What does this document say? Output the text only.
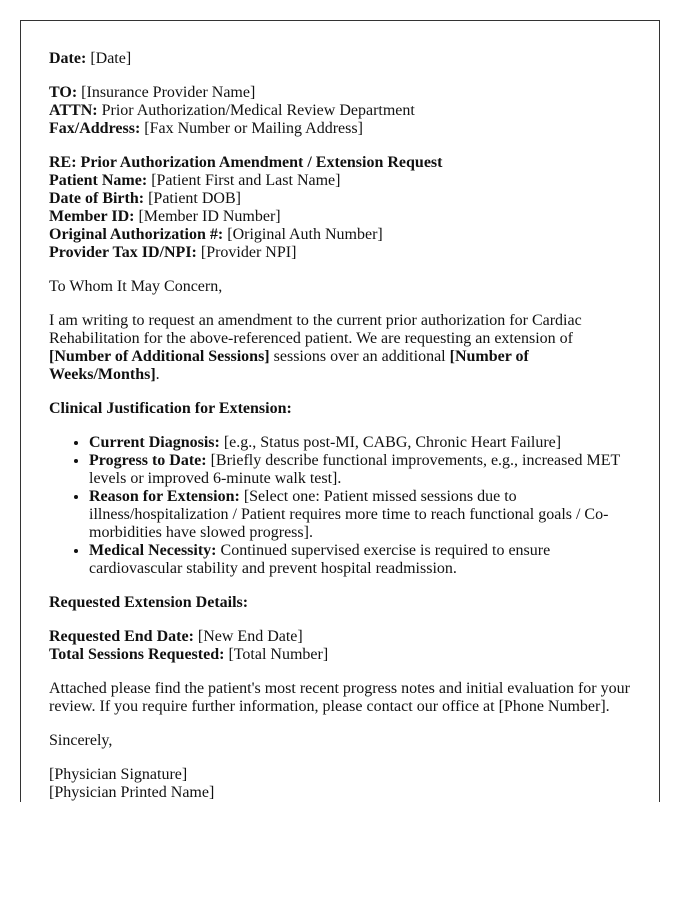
Date: [Date]

TO: [Insurance Provider Name]
ATTN: Prior Authorization/Medical Review Department
Fax/Address: [Fax Number or Mailing Address]

RE: Prior Authorization Amendment / Extension Request
Patient Name: [Patient First and Last Name]
Date of Birth: [Patient DOB]
Member ID: [Member ID Number]
Original Authorization #: [Original Auth Number]
Provider Tax ID/NPI: [Provider NPI]

To Whom It May Concern,

I am writing to request an amendment to the current prior authorization for Cardiac Rehabilitation for the above-referenced patient. We are requesting an extension of [Number of Additional Sessions] sessions over an additional [Number of Weeks/Months].

Clinical Justification for Extension:

• Current Diagnosis: [e.g., Status post-MI, CABG, Chronic Heart Failure]
• Progress to Date: [Briefly describe functional improvements, e.g., increased MET levels or improved 6-minute walk test].
• Reason for Extension: [Select one: Patient missed sessions due to illness/hospitalization / Patient requires more time to reach functional goals / Co-morbidities have slowed progress].
• Medical Necessity: Continued supervised exercise is required to ensure cardiovascular stability and prevent hospital readmission.

Requested Extension Details:

Requested End Date: [New End Date]
Total Sessions Requested: [Total Number]

Attached please find the patient's most recent progress notes and initial evaluation for your review. If you require further information, please contact our office at [Phone Number].

Sincerely,

[Physician Signature]
[Physician Printed Name]
